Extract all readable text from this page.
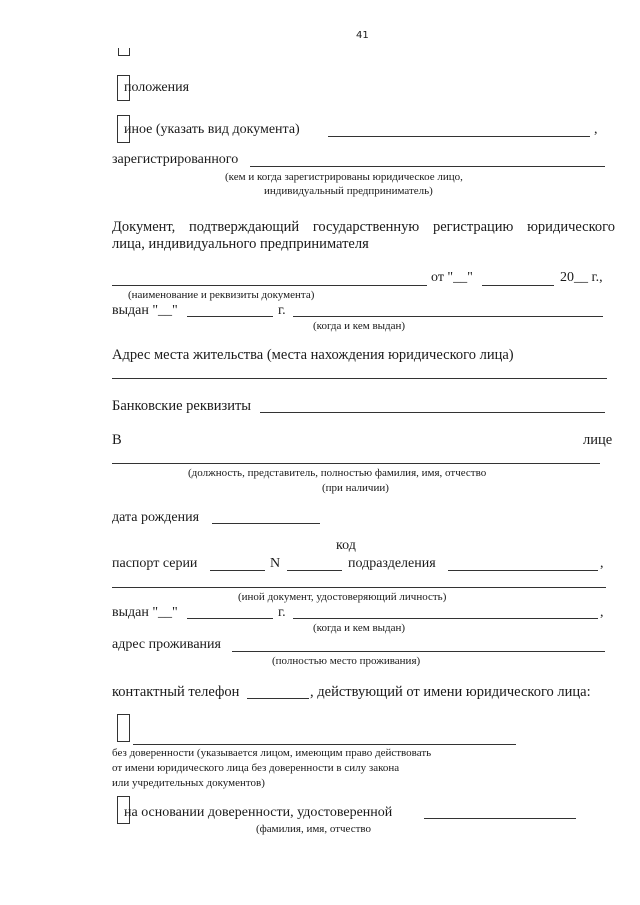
41
положения
иное (указать вид документа)	,
зарегистрированного
(кем и когда зарегистрированы юридическое лицо,
индивидуальный предприниматель)
Документ, подтверждающий государственную регистрацию юридического
лица, индивидуального предпринимателя
от "__"	20__ г.,
(наименование и реквизиты документа)
выдан "__"	г.
(когда и кем выдан)
Адрес места жительства (места нахождения юридического лица)
Банковские реквизиты
В	лице
(должность, представитель, полностью фамилия, имя, отчество
(при наличии)
дата рождения
код
паспорт серии	N	подразделения	,
(иной документ, удостоверяющий личность)
выдан "__"	г.	,
(когда и кем выдан)
адрес проживания
(полностью место проживания)
контактный телефон	, действующий от имени юридического лица:
без доверенности (указывается лицом, имеющим право действовать
от имени юридического лица без доверенности в силу закона
или учредительных документов)
на основании доверенности, удостоверенной
(фамилия, имя, отчество
